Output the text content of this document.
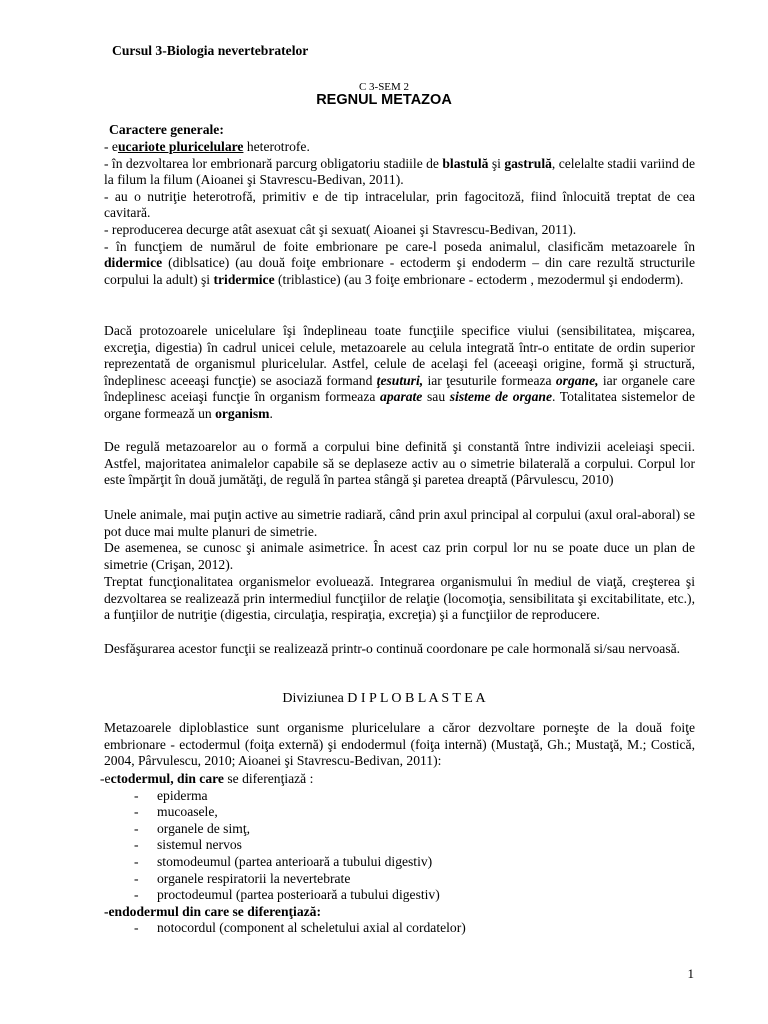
Cursul 3-Biologia nevertebratelor
C 3-SEM 2
REGNUL METAZOA
Caractere generale:

- eucariote pluricelulare heterotrofe.

- în dezvoltarea lor embrionară parcurg obligatoriu stadiile de blastulă şi gastrulă, celelalte stadii variind de la filum la filum (Aioanei şi Stavrescu-Bedivan, 2011).

- au o nutriţie heterotrofă, primitiv e de tip intracelular, prin fagocitoză, fiind înlocuită treptat de cea cavitară.

- reproducerea decurge atât asexuat cât şi sexuat( Aioanei şi Stavrescu-Bedivan, 2011).

- în funcţiem de numărul de foite embrionare pe care-l poseda animalul, clasificăm metazoarele în didermice (diblsatice) (au două foiţe embrionare - ectoderm şi endoderm – din care rezultă structurile corpului la adult) şi tridermice (triblastice) (au 3 foiţe embrionare - ectoderm , mezodermul şi endoderm).

Dacă protozoarele unicelulare îşi îndeplineau toate funcţiile specifice viului (sensibilitatea, mişcarea, excreţia, digestia) în cadrul unicei celule, metazoarele au celula integrată într-o entitate de ordin superior reprezentată de organismul pluricelular. Astfel, celule de acelaşi fel (aceeaşi origine, formă şi structură, îndeplinesc aceeaşi funcţie) se asociază formand ţesuturi, iar ţesuturile formeaza organe, iar organele care îndeplinesc aceiaşi funcţie în organism formeaza aparate sau sisteme de organe. Totalitatea sistemelor de organe formează un organism.

De regulă metazoarelor au o formă a corpului bine definită şi constantă între indivizii aceleiaşi specii. Astfel, majoritatea animalelor capabile să se deplaseze activ au o simetrie bilaterală a corpului. Corpul lor este împărţit în două jumătăţi, de regulă în partea stângă şi paretea dreaptă (Pârvulescu, 2010)

Unele animale, mai puţin active au simetrie radiară, când prin axul principal al corpului (axul oral-aboral) se pot duce mai multe planuri de simetrie.

De asemenea, se cunosc şi animale asimetrice. În acest caz prin corpul lor nu se poate duce un plan de simetrie (Crişan, 2012).

Treptat funcţionalitatea organismelor evoluează. Integrarea organismului în mediul de viaţă, creşterea şi dezvoltarea se realizează prin intermediul funcţiilor de relaţie (locomoţia, sensibilitata şi excitabilitate, etc.), a funţiilor de nutriţie (digestia, circulaţia, respiraţia, excreţia) şi a funcţiilor de reproducere.

Desfăşurarea acestor funcţii se realizează printr-o continuă coordonare pe cale hormonală si/sau nervoasă.

Diviziunea D I P L O B L A S T E A

Metazoarele diploblastice sunt organisme pluricelulare a căror dezvoltare porneşte de la două foiţe embrionare - ectodermul (foiţa externă) şi endodermul (foiţa internă) (Mustaţă, Gh.; Mustaţă, M.; Costică, 2004, Pârvulescu, 2010; Aioanei şi Stavrescu-Bedivan, 2011):

-ectodermul, din care se diferenţiază :
- epiderma
- mucoasele,
- organele de simţ,
- sistemul nervos
- stomodeumul (partea anterioară a tubului digestiv)
- organele respiratorii la nevertebrate
- proctodeumul (partea posterioară a tubului digestiv)
-endodermul din care se diferenţiază:
- notocordul (component al scheletului axial al cordatelor)
1
